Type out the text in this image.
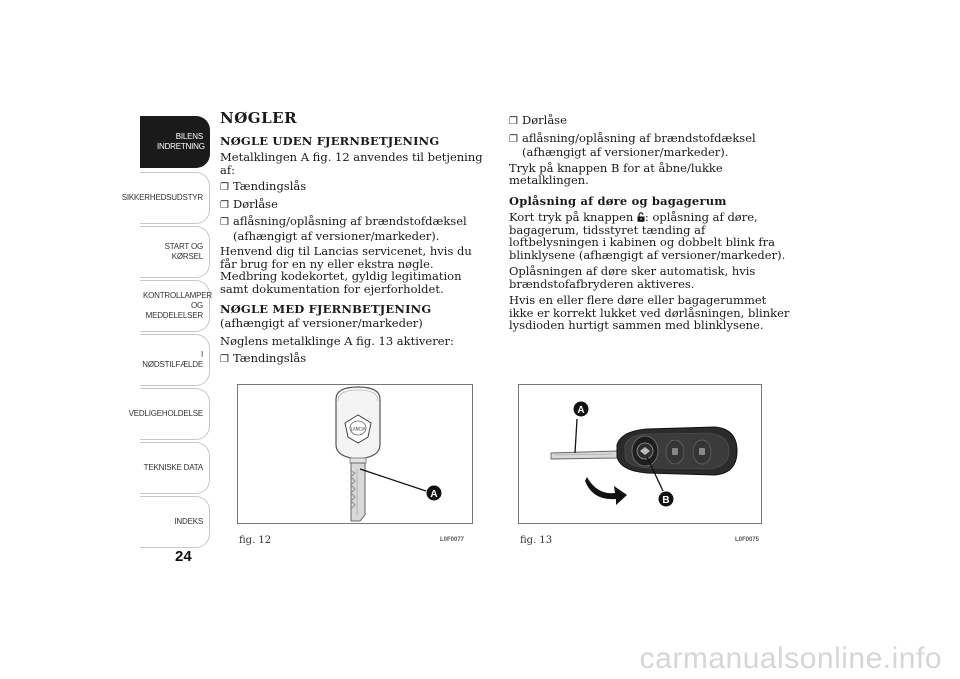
BILENS INDRETNING
SIKKERHEDSUDSTYR
START OG KØRSEL
KONTROLLAMPER OG MEDDELELSER
I NØDSTILFÆLDE
VEDLIGEHOLDELSE
TEKNISKE DATA
INDEKS
24
NØGLER
NØGLE UDEN FJERNBETJENING
Metalklingen A fig. 12 anvendes til betjening af:
❐ Tændingslås
❐ Dørlåse
❐ aflåsning/oplåsning af brændstofdæksel (afhængigt af versioner/markeder).
Henvend dig til Lancias servicenet, hvis du får brug for en ny eller ekstra nøgle. Medbring kodekortet, gyldig legitimation samt dokumentation for ejerforholdet.
NØGLE MED FJERNBETJENING
(afhængigt af versioner/markeder)
Nøglens metalklinge A fig. 13 aktiverer:
❐ Tændingslås
❐ Dørlåse
❐ aflåsning/oplåsning af brændstofdæksel (afhængigt af versioner/markeder).
Tryk på knappen B for at åbne/lukke metalklingen.
Oplåsning af døre og bagagerum
Kort tryk på knappen : oplåsning af døre, bagagerum, tidsstyret tænding af loftbelysningen i kabinen og dobbelt blink fra blinklysene (afhængigt af versioner/markeder).
Oplåsningen af døre sker automatisk, hvis brændstofafbryderen aktiveres.
Hvis en eller flere døre eller bagagerummet ikke er korrekt lukket ved dørlåsningen, blinker lysdioden hurtigt sammen med blinklysene.
LANCIA
A
fig. 12	L0F0077
A
B
fig. 13	L0F0075
carmanualsonline.info
